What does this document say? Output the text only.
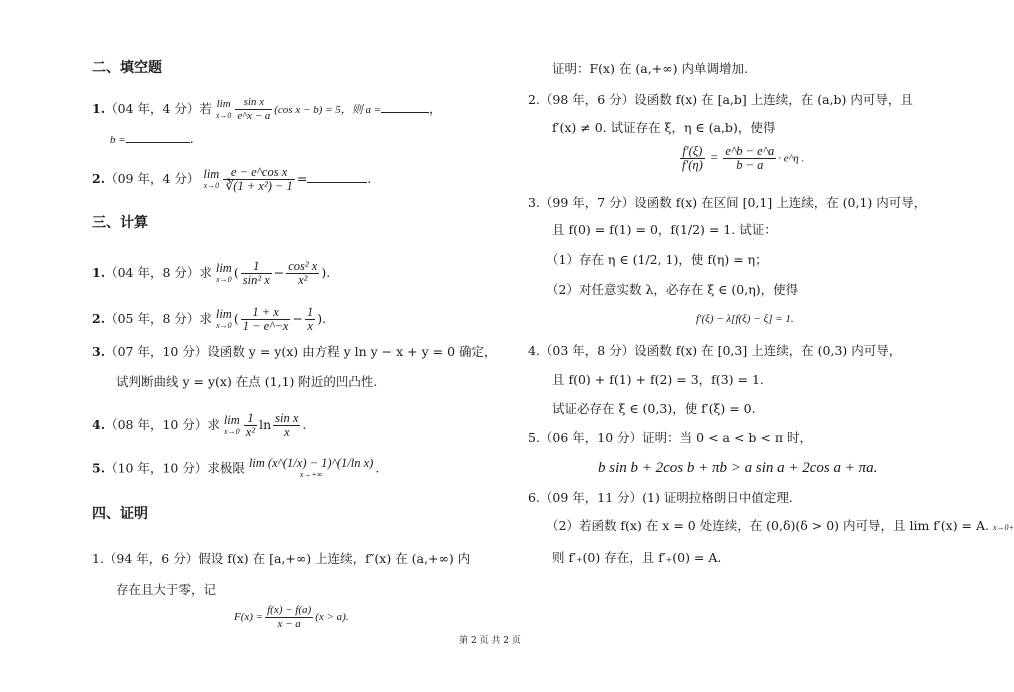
二、填空题
1.（04 年，4 分）若 lim
$x\to 0 \frac{\text{sin x}}{e\^{}x - a} (\cos$ x − b) = 5，则 a =	，
b =	.
2.（09 年，4 分） lim
$x\to 0 \frac{\text{e − e\textasciicircum{}cos x}}{\text{∛(1 + x²) − 1}}$ =	.
三、计算
1.（04 年，8 分）求 lim
x→0 ( $\frac{1}{\text{sin² x}} - \frac{\text{cos² x}}{\text{x²}}$ ).
2.（05 年，8 分）求 lim
x→0 ( $\frac{1 + x}{1 - e\^{}-x} - \frac{1}{x}$ ).
3.（07 年，10 分）设函数 y = y(x) 由方程 y ln y − x + y = 0 确定，
试判断曲线 y = y(x) 在点 (1,1) 附近的凹凸性.
4.（08 年，10 分）求 lim
$x\to 0 \frac{1}{\text{x²}}$ $\ln \frac{\text{sin x}}{x}$ .
5.（10 年，10 分）求极限 lim (x^(1/x) − 1)^(1/ln x)
x→+∞	.
四、证明
1.（94 年，6 分）假设 f(x) 在 [a,+∞) 上连续，f″(x) 在 (a,+∞) 内
存在且大于零，记
$F(x) = \frac{f(x) - f(a)}{x - a} (x > a)$.
证明：F(x) 在 (a,+∞) 内单调增加.
2.（98 年，6 分）设函数 f(x) 在 [a,b] 上连续，在 (a,b) 内可导，且
f′(x) ≠ 0. 试证存在 ξ，η ∈ (a,b)，使得
$\frac{f'(\xi)}{f'(\eta)} = \frac{e\^{}b - e\^{}a}{b - a}$ · e^η .
3.（99 年，7 分）设函数 f(x) 在区间 [0,1] 上连续，在 (0,1) 内可导，
且 f(0) = f(1) = 0，f(1/2) = 1. 试证：
（1）存在 η ∈ (1/2, 1)，使 f(η) = η；
（2）对任意实数 λ，必存在 ξ ∈ (0,η)，使得
f′(ξ) − λ[f(ξ) − ξ] = 1.
4.（03 年，8 分）设函数 f(x) 在 [0,3] 上连续，在 (0,3) 内可导，
且 f(0) + f(1) + f(2) = 3，f(3) = 1.
试证必存在 ξ ∈ (0,3)，使 f′(ξ) = 0.
5.（06 年，10 分）证明：当 0 < a < b < π 时，
b sin b + 2cos b + πb > a sin a + 2cos a + πa.
6.（09 年，11 分）(1) 证明拉格朗日中值定理.
（2）若函数 f(x) 在 x = 0 处连续，在 (0,δ)(δ > 0) 内可导，且 lim f′(x) = A. x→0+
则 f′₊(0) 存在，且 f′₊(0) = A.
第 2 页 共 2 页
